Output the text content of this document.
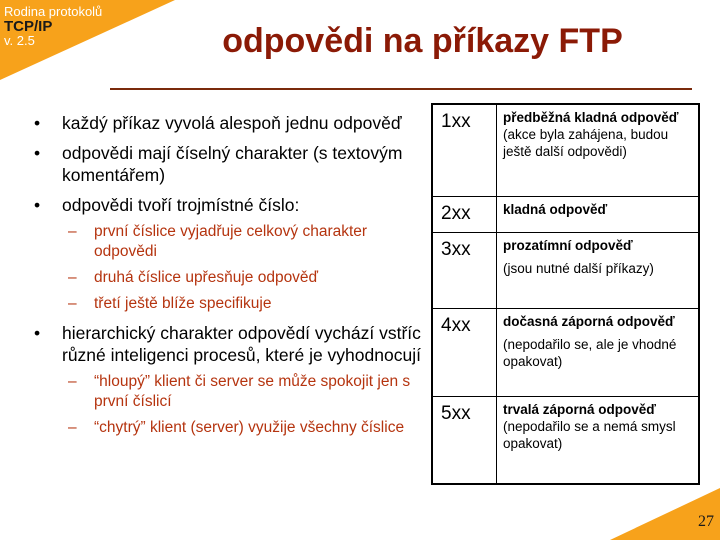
Rodina protokolů
TCP/IP
v. 2.5	odpovědi na příkazy FTP
• každý příkaz vyvolá alespoň jednu odpověď
• odpovědi mají číselný charakter (s textovým komentářem)
• odpovědi tvoří trojmístné číslo:
– první číslice vyjadřuje celkový charakter odpovědi
– druhá číslice upřesňuje odpověď
– třetí ještě blíže specifikuje
• hierarchický charakter odpovědí vychází vstříc různé inteligenci procesů, které je vyhodnocují
– “hloupý” klient či server se může spokojit jen s první číslicí
– “chytrý” klient (server) využije všechny číslice
1xx	předběžná kladná odpověď (akce byla zahájena, budou ještě další odpovědi)
2xx	kladná odpověď
3xx	prozatímní odpověď
(jsou nutné další příkazy)

4xx	dočasná záporná odpověď
(nepodařilo se, ale je vhodné opakovat)

5xx	trvalá záporná odpověď
(nepodařilo se a nemá smysl opakovat)
27
